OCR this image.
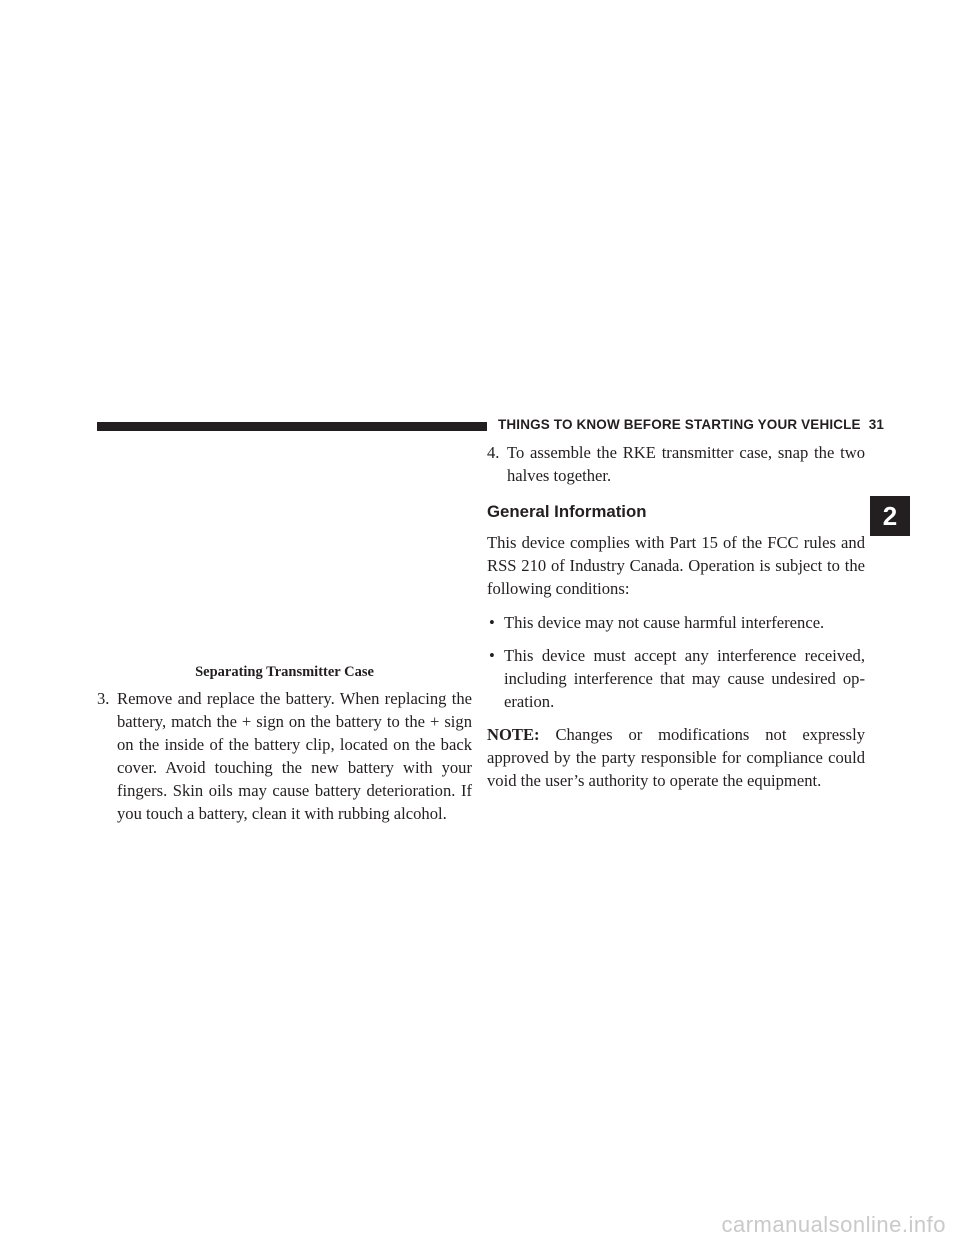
THINGS TO KNOW BEFORE STARTING YOUR VEHICLE 31
Separating Transmitter Case

3. Remove and replace the battery. When replacing the battery, match the + sign on the battery to the + sign on the inside of the battery clip, located on the back cover. Avoid touching the new battery with your fingers. Skin oils may cause battery deterioration. If you touch a battery, clean it with rubbing alcohol.

4. To assemble the RKE transmitter case, snap the two halves together.

General Information

This device complies with Part 15 of the FCC rules and RSS 210 of Industry Canada. Operation is subject to the following conditions:

• This device may not cause harmful interference.

• This device must accept any interference received, including interference that may cause undesired op-eration.

NOTE: Changes or modifications not expressly approved by the party responsible for compliance could void the user’s authority to operate the equipment.

2
carmanualsonline.info
